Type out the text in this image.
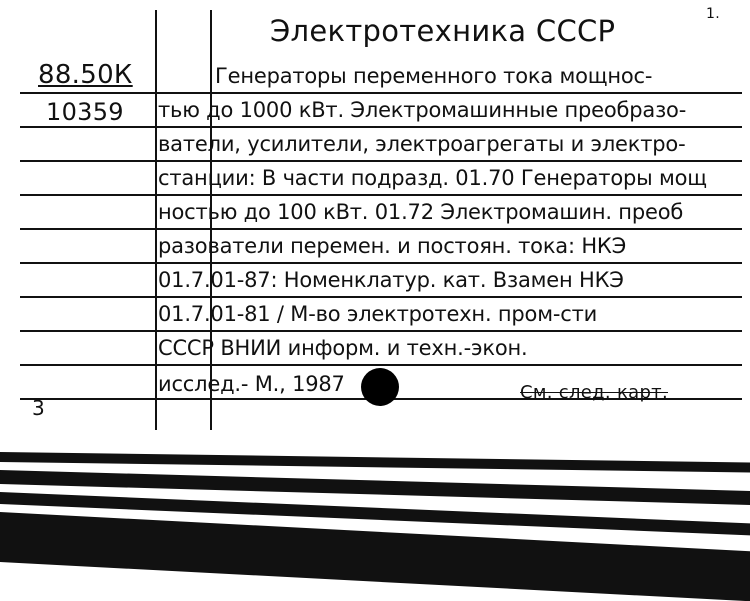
1.
Электротехника СССР
88.50К
10359
Генераторы переменного тока мощнос-
тью до 1000 кВт. Электромашинные преобразо-
ватели, усилители, электроагрегаты и электро-
станции: В части подразд. 01.70 Генераторы мощ
ностью до 100 кВт. 01.72 Электромашин. преоб
разователи перемен. и постоян. тока: НКЭ
01.7.01-87: Номенклатур. кат. Взамен НКЭ
01.7.01-81 / М-во электротехн. пром-сти
СССР ВНИИ информ. и техн.-экон.
исслед.- М., 1987	См. след. карт.
3
